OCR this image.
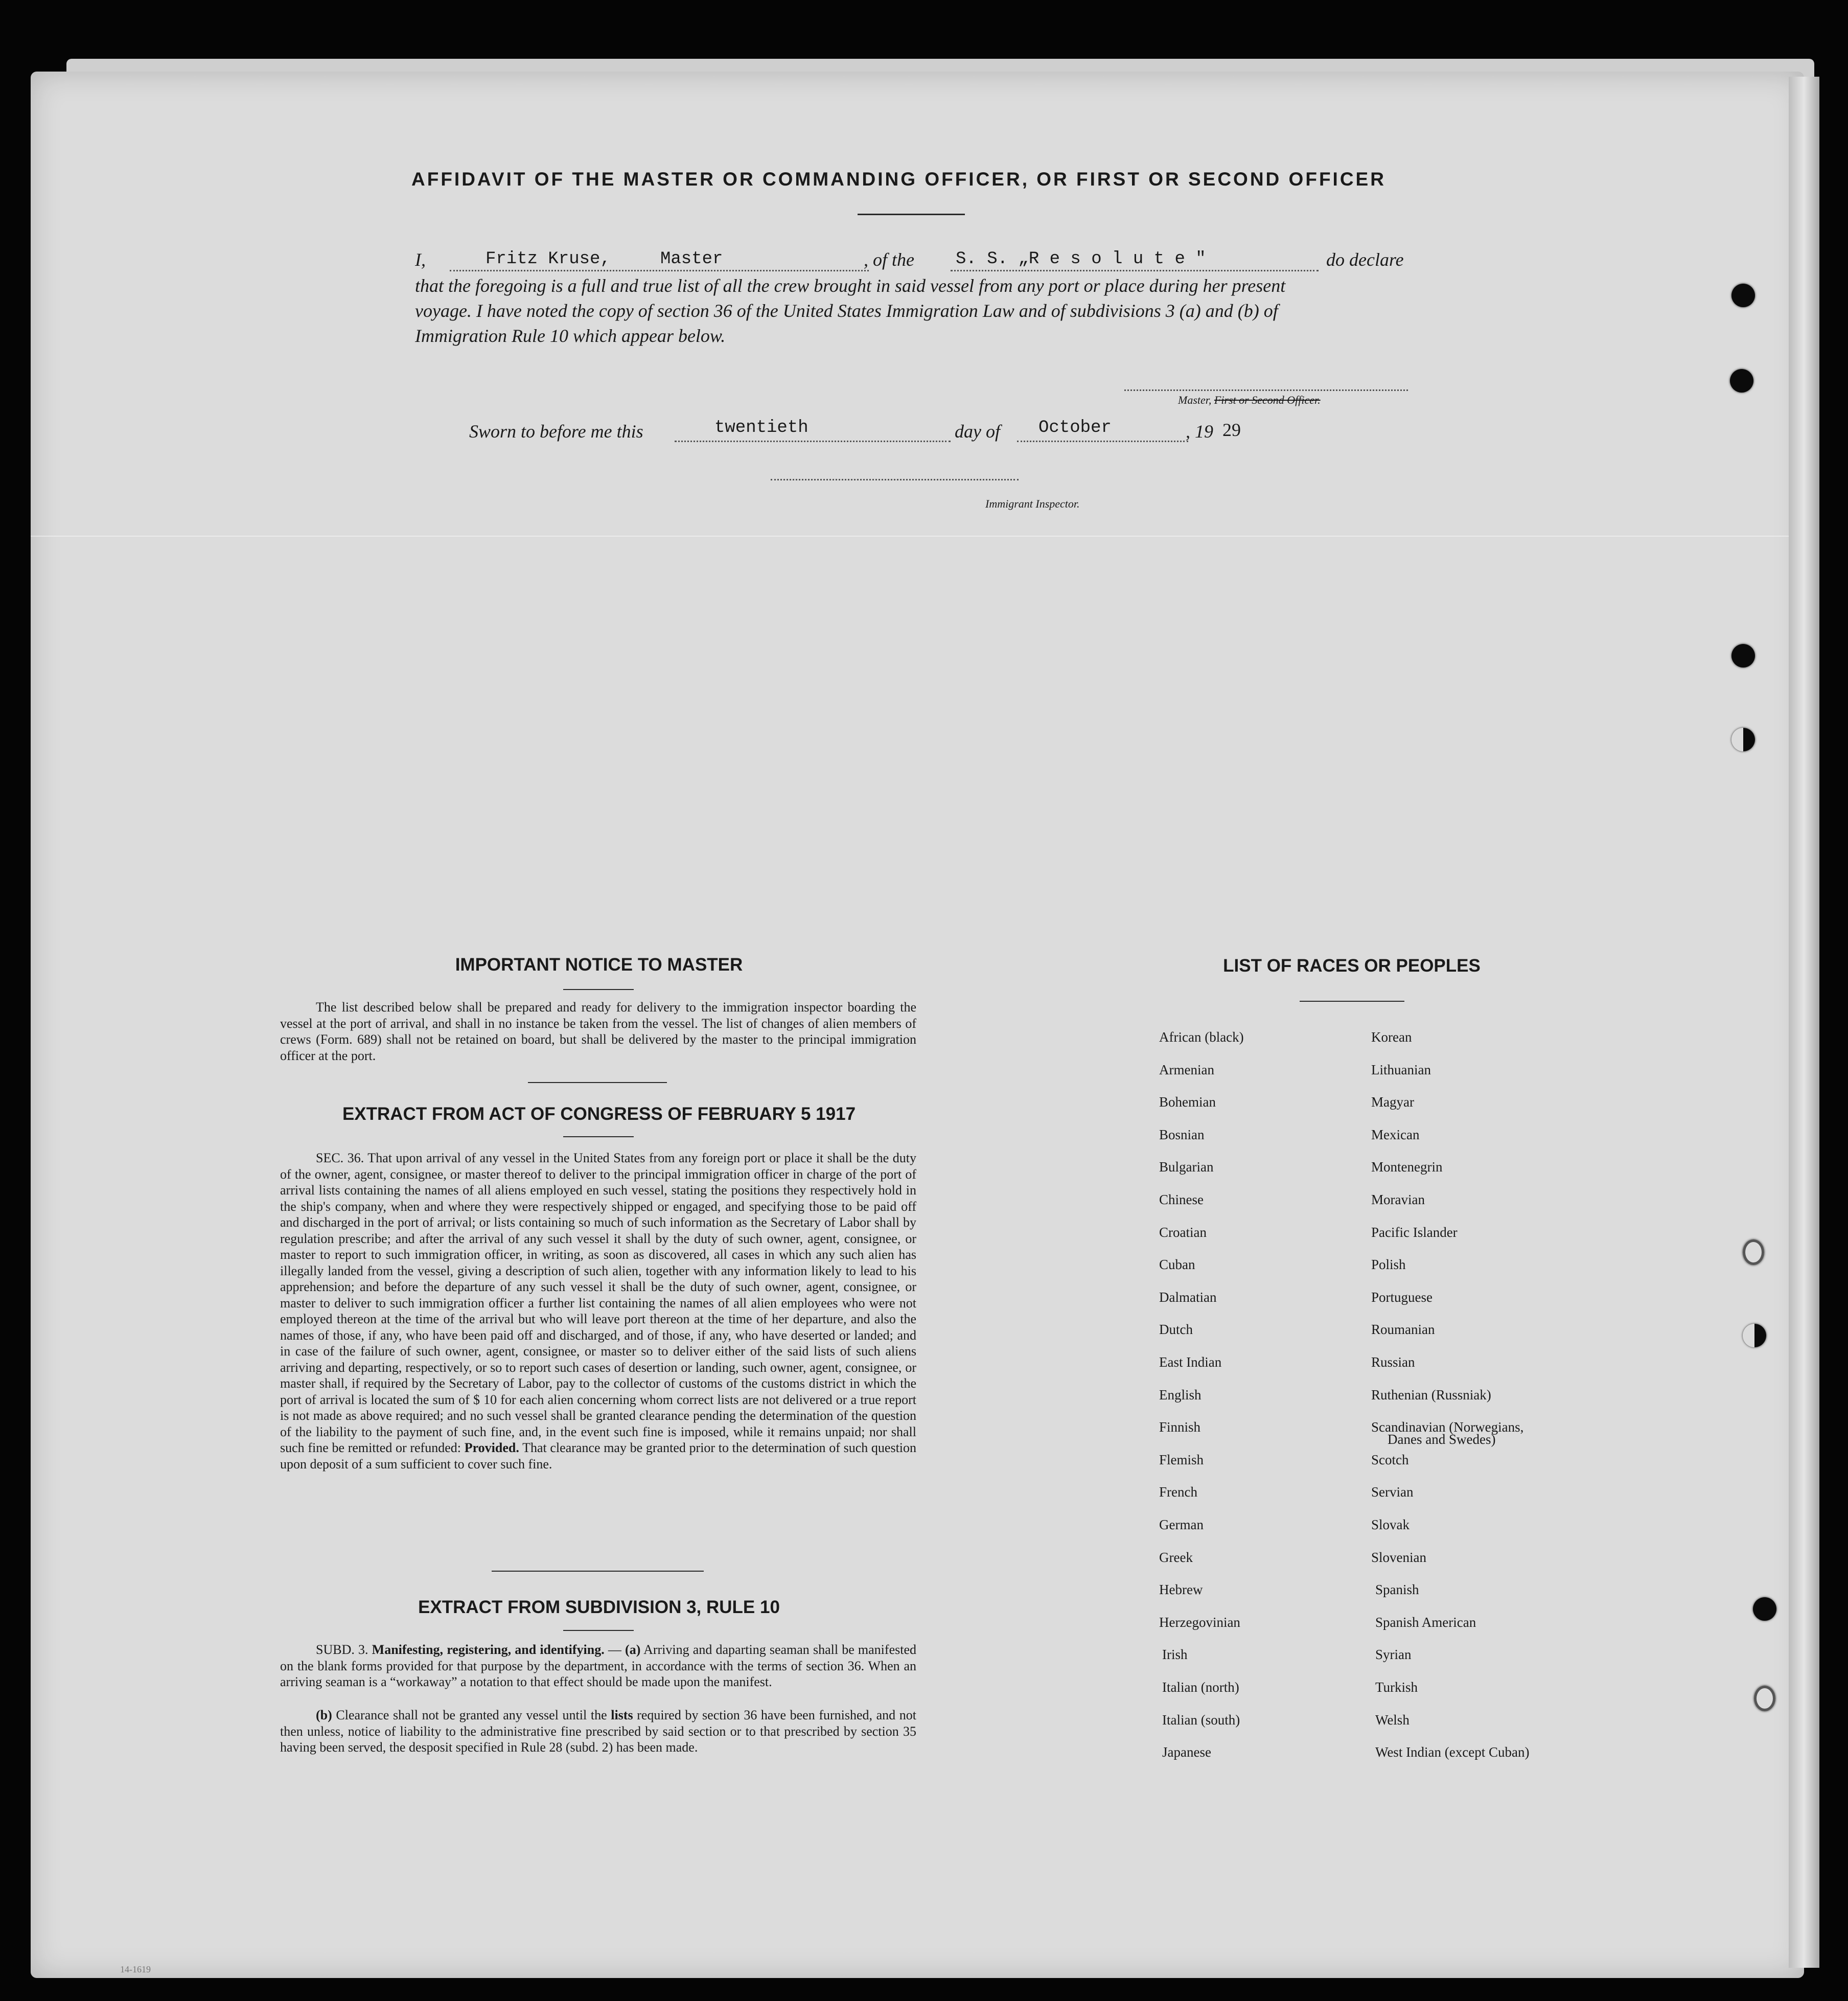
AFFIDAVIT OF THE MASTER OR COMMANDING OFFICER, OR FIRST OR SECOND OFFICER
I,	Fritz Kruse,	Master	, of the	S. S. „R e s o l u t e "	do declare
that the foregoing is a full and true list of all the crew brought in said vessel from any port or place during her present
voyage. I have noted the copy of section 36 of the United States Immigration Law and of subdivisions 3 (a) and (b) of
Immigration Rule 10 which appear below.
Master, First or Second Officer.
Sworn to before me this	twentieth	day of	October	, 19 29
Immigrant Inspector.
IMPORTANT NOTICE TO MASTER
The list described below shall be prepared and ready for delivery to the immigration inspector boarding the vessel at the port of arrival, and shall in no instance be taken from the vessel. The list of changes of alien members of crews (Form. 689) shall not be retained on board, but shall be delivered by the master to the principal immigration officer at the port.
EXTRACT FROM ACT OF CONGRESS OF FEBRUARY 5 1917
SEC. 36. That upon arrival of any vessel in the United States from any foreign port or place it shall be the duty of the owner, agent, consignee, or master thereof to deliver to the principal immigration officer in charge of the port of arrival lists containing the names of all aliens employed en such vessel, stating the positions they respectively hold in the ship's company, when and where they were respectively shipped or engaged, and specifying those to be paid off and discharged in the port of arrival; or lists containing so much of such information as the Secretary of Labor shall by regulation prescribe; and after the arrival of any such vessel it shall by the duty of such owner, agent, consignee, or master to report to such immigration officer, in writing, as soon as discovered, all cases in which any such alien has illegally landed from the vessel, giving a description of such alien, together with any information likely to lead to his apprehension; and before the departure of any such vessel it shall be the duty of such owner, agent, consignee, or master to deliver to such immigration officer a further list containing the names of all alien employees who were not employed thereon at the time of the arrival but who will leave port thereon at the time of her departure, and also the names of those, if any, who have been paid off and discharged, and of those, if any, who have deserted or landed; and in case of the failure of such owner, agent, consignee, or master so to deliver either of the said lists of such aliens arriving and departing, respectively, or so to report such cases of desertion or landing, such owner, agent, consignee, or master shall, if required by the Secretary of Labor, pay to the collector of customs of the customs district in which the port of arrival is located the sum of $ 10 for each alien concerning whom correct lists are not delivered or a true report is not made as above required; and no such vessel shall be granted clearance pending the determination of the question of the liability to the payment of such fine, and, in the event such fine is imposed, while it remains unpaid; nor shall such fine be remitted or refunded: Provided. That clearance may be granted prior to the determination of such question upon deposit of a sum sufficient to cover such fine.
EXTRACT FROM SUBDIVISION 3, RULE 10
SUBD. 3. Manifesting, registering, and identifying. — (a) Arriving and daparting seaman shall be manifested on the blank forms provided for that purpose by the department, in accordance with the terms of section 36. When an arriving seaman is a “workaway” a notation to that effect should be made upon the manifest.
(b) Clearance shall not be granted any vessel until the lists required by section 36 have been furnished, and not then unless, notice of liability to the administrative fine prescribed by said section or to that prescribed by section 35 having been served, the desposit specified in Rule 28 (subd. 2) has been made.
LIST OF RACES OR PEOPLES
African (black)
Armenian
Bohemian
Bosnian
Bulgarian
Chinese
Croatian
Cuban
Dalmatian
Dutch
East Indian
English
Finnish
Flemish
French
German
Greek
Hebrew
Herzegovinian
Irish
Italian (north)
Italian (south)
Japanese
Korean
Lithuanian
Magyar
Mexican
Montenegrin
Moravian
Pacific Islander
Polish
Portuguese
Roumanian
Russian
Ruthenian (Russniak)
Scandinavian (Norwegians,
Scotch
Servian
Slovak
Slovenian
Spanish
Spanish American
Syrian
Turkish
Welsh
West Indian (except Cuban)
Danes and Swedes)
14-1619
